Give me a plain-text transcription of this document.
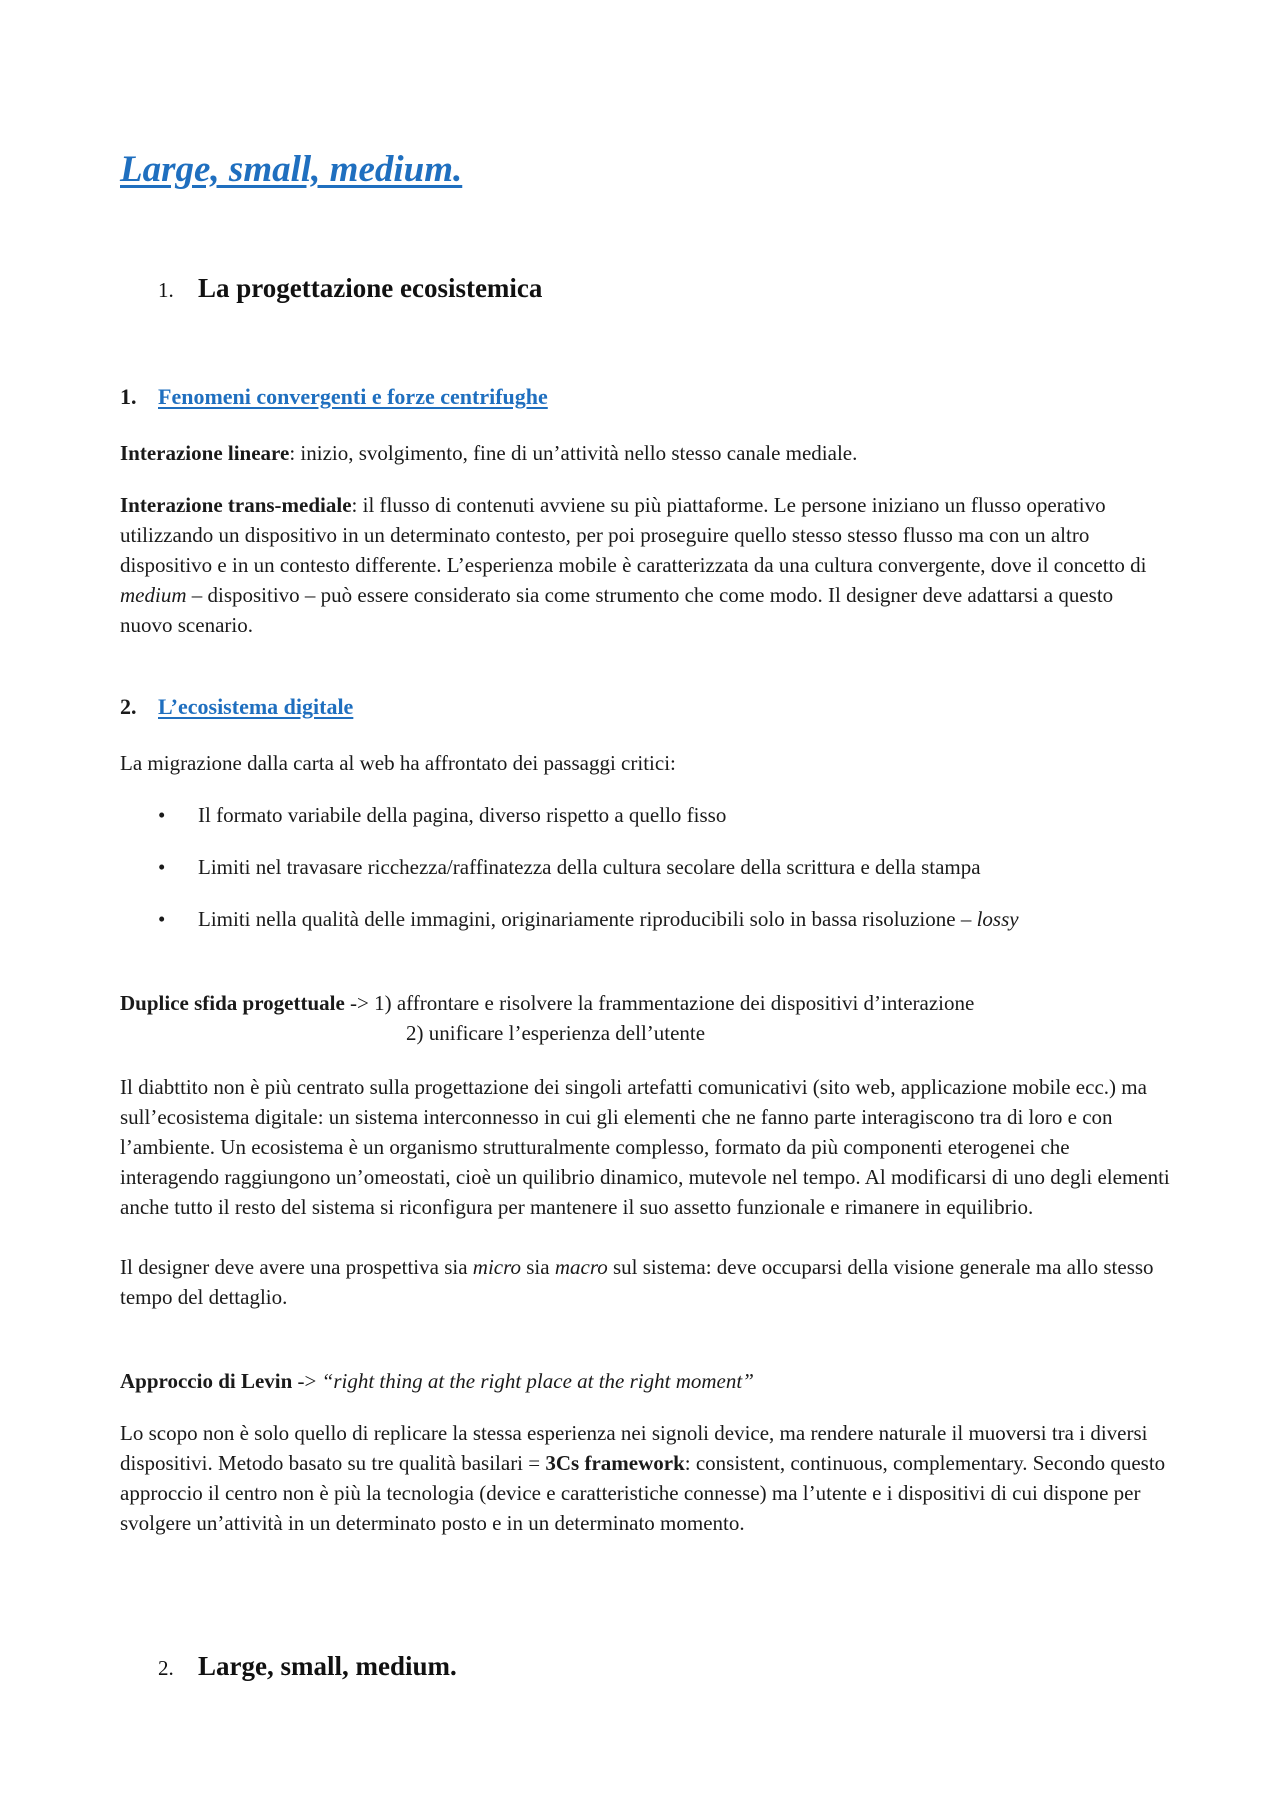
Large, small, medium.
1. La progettazione ecosistemica
1. Fenomeni convergenti e forze centrifughe

Interazione lineare: inizio, svolgimento, fine di un’attività nello stesso canale mediale.

Interazione trans-mediale: il flusso di contenuti avviene su più piattaforme. Le persone iniziano un flusso operativo utilizzando un dispositivo in un determinato contesto, per poi proseguire quello stesso stesso flusso ma con un altro dispositivo e in un contesto differente. L’esperienza mobile è caratterizzata da una cultura convergente, dove il concetto di medium – dispositivo – può essere considerato sia come strumento che come modo. Il designer deve adattarsi a questo nuovo scenario.

2. L’ecosistema digitale

La migrazione dalla carta al web ha affrontato dei passaggi critici:

• Il formato variabile della pagina, diverso rispetto a quello fisso

• Limiti nel travasare ricchezza/raffinatezza della cultura secolare della scrittura e della stampa

• Limiti nella qualità delle immagini, originariamente riproducibili solo in bassa risoluzione – lossy

Duplice sfida progettuale -> 1) affrontare e risolvere la frammentazione dei dispositivi d’interazione
2) unificare l’esperienza dell’utente

Il diabttito non è più centrato sulla progettazione dei singoli artefatti comunicativi (sito web, applicazione mobile ecc.) ma sull’ecosistema digitale: un sistema interconnesso in cui gli elementi che ne fanno parte interagiscono tra di loro e con l’ambiente. Un ecosistema è un organismo strutturalmente complesso, formato da più componenti eterogenei che interagendo raggiungono un’omeostati, cioè un quilibrio dinamico, mutevole nel tempo. Al modificarsi di uno degli elementi anche tutto il resto del sistema si riconfigura per mantenere il suo assetto funzionale e rimanere in equilibrio.

Il designer deve avere una prospettiva sia micro sia macro sul sistema: deve occuparsi della visione generale ma allo stesso tempo del dettaglio.

Approccio di Levin -> “right thing at the right place at the right moment”

Lo scopo non è solo quello di replicare la stessa esperienza nei signoli device, ma rendere naturale il muoversi tra i diversi dispositivi. Metodo basato su tre qualità basilari = 3Cs framework: consistent, continuous, complementary. Secondo questo approccio il centro non è più la tecnologia (device e caratteristiche connesse) ma l’utente e i dispositivi di cui dispone per svolgere un’attività in un determinato posto e in un determinato momento.

2. Large, small, medium.
